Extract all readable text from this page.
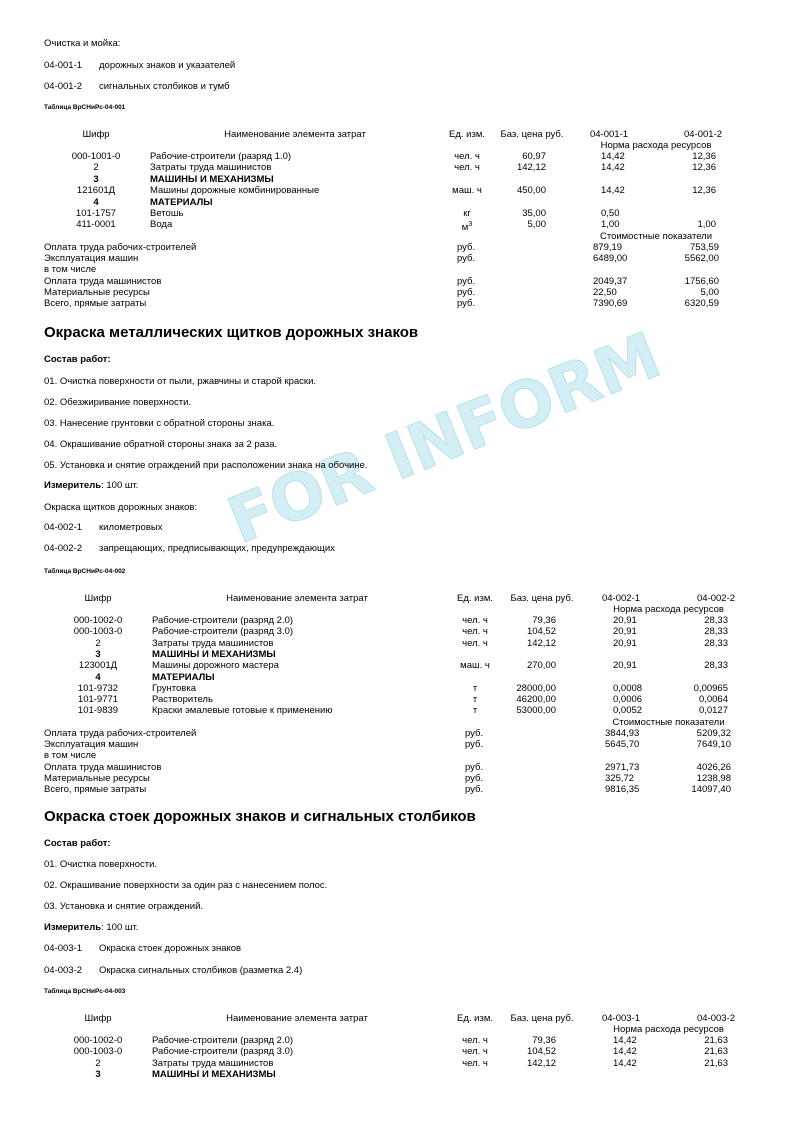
FOR INFORM.RU
Очистка и мойка:
04-001-1 дорожных знаков и указателей
04-001-2 сигнальных столбиков и тумб
Таблица ВрСНиРс-04-001
Шифр	Наименование элемента затрат	Ед. изм. Баз. цена руб.	04-001-1	04-001-2
Норма расхода ресурсов
000-1001-0	Рабочие-строители (разряд 1.0)	чел. ч	60,97	14,42	12,36
2	Затраты труда машинистов	чел. ч	142,12	14,42	12,36
3	МАШИНЫ И МЕХАНИЗМЫ
121601Д	Машины дорожные комбинированные	маш. ч	450,00	14,42	12,36
4	МАТЕРИАЛЫ
101-1757	Ветошь	кг	35,00	0,50
411-0001	Вода	$м^3$	5,00	1,00	1,00
Стоимостные показатели
Оплата труда рабочих-строителей	руб.	879,19	753,59
Эксплуатация машин	руб.	6489,00	5562,00
в том числе
Оплата труда машинистов	руб.	2049,37	1756,60
Материальные ресурсы	руб.	22,50	5,00
Всего, прямые затраты	руб.	7390,69	6320,59
Окраска металлических щитков дорожных знаков
Состав работ:
01. Очистка поверхности от пыли, ржавчины и старой краски.
02. Обезжиривание поверхности.
03. Нанесение грунтовки с обратной стороны знака.
04. Окрашивание обратной стороны знака за 2 раза.
05. Установка и снятие ограждений при расположении знака на обочине.
Измеритель: 100 шт.
Окраска щитков дорожных знаков:
04-002-1 километровых
04-002-2 запрещающих, предписывающих, предупреждающих
Таблица ВрСНиРс-04-002
Шифр	Наименование элемента затрат	Ед. изм. Баз. цена руб.	04-002-1	04-002-2
Норма расхода ресурсов
000-1002-0	Рабочие-строители (разряд 2.0)	чел. ч	79,36	20,91	28,33
000-1003-0	Рабочие-строители (разряд 3.0)	чел. ч	104,52	20,91	28,33
2	Затраты труда машинистов	чел. ч	142,12	20,91	28,33
3	МАШИНЫ И МЕХАНИЗМЫ
123001Д	Машины дорожного мастера	маш. ч	270,00	20,91	28,33
4	МАТЕРИАЛЫ
101-9732	Грунтовка	т	28000,00	0,0008	0,00965
101-9771	Растворитель	т	46200,00	0,0006	0,0064
101-9839	Краски эмалевые готовые к применению	т	53000,00	0,0052	0,0127
Стоимостные показатели
Оплата труда рабочих-строителей	руб.	3844,93	5209,32
Эксплуатация машин	руб.	5645,70	7649,10
в том числе
Оплата труда машинистов	руб.	2971,73	4026,26
Материальные ресурсы	руб.	325,72	1238,98
Всего, прямые затраты	руб.	9816,35	14097,40
Окраска стоек дорожных знаков и сигнальных столбиков
Состав работ:
01. Очистка поверхности.
02. Окрашивание поверхности за один раз с нанесением полос.
03. Установка и снятие ограждений.
Измеритель: 100 шт.
04-003-1 Окраска стоек дорожных знаков
04-003-2 Окраска сигнальных столбиков (разметка 2.4)
Таблица ВрСНиРс-04-003
Шифр	Наименование элемента затрат	Ед. изм. Баз. цена руб.	04-003-1	04-003-2
Норма расхода ресурсов
000-1002-0	Рабочие-строители (разряд 2.0)	чел. ч	79,36	14,42	21,63
000-1003-0	Рабочие-строители (разряд 3.0)	чел. ч	104,52	14,42	21,63
2	Затраты труда машинистов	чел. ч	142,12	14,42	21,63
3	МАШИНЫ И МЕХАНИЗМЫ
